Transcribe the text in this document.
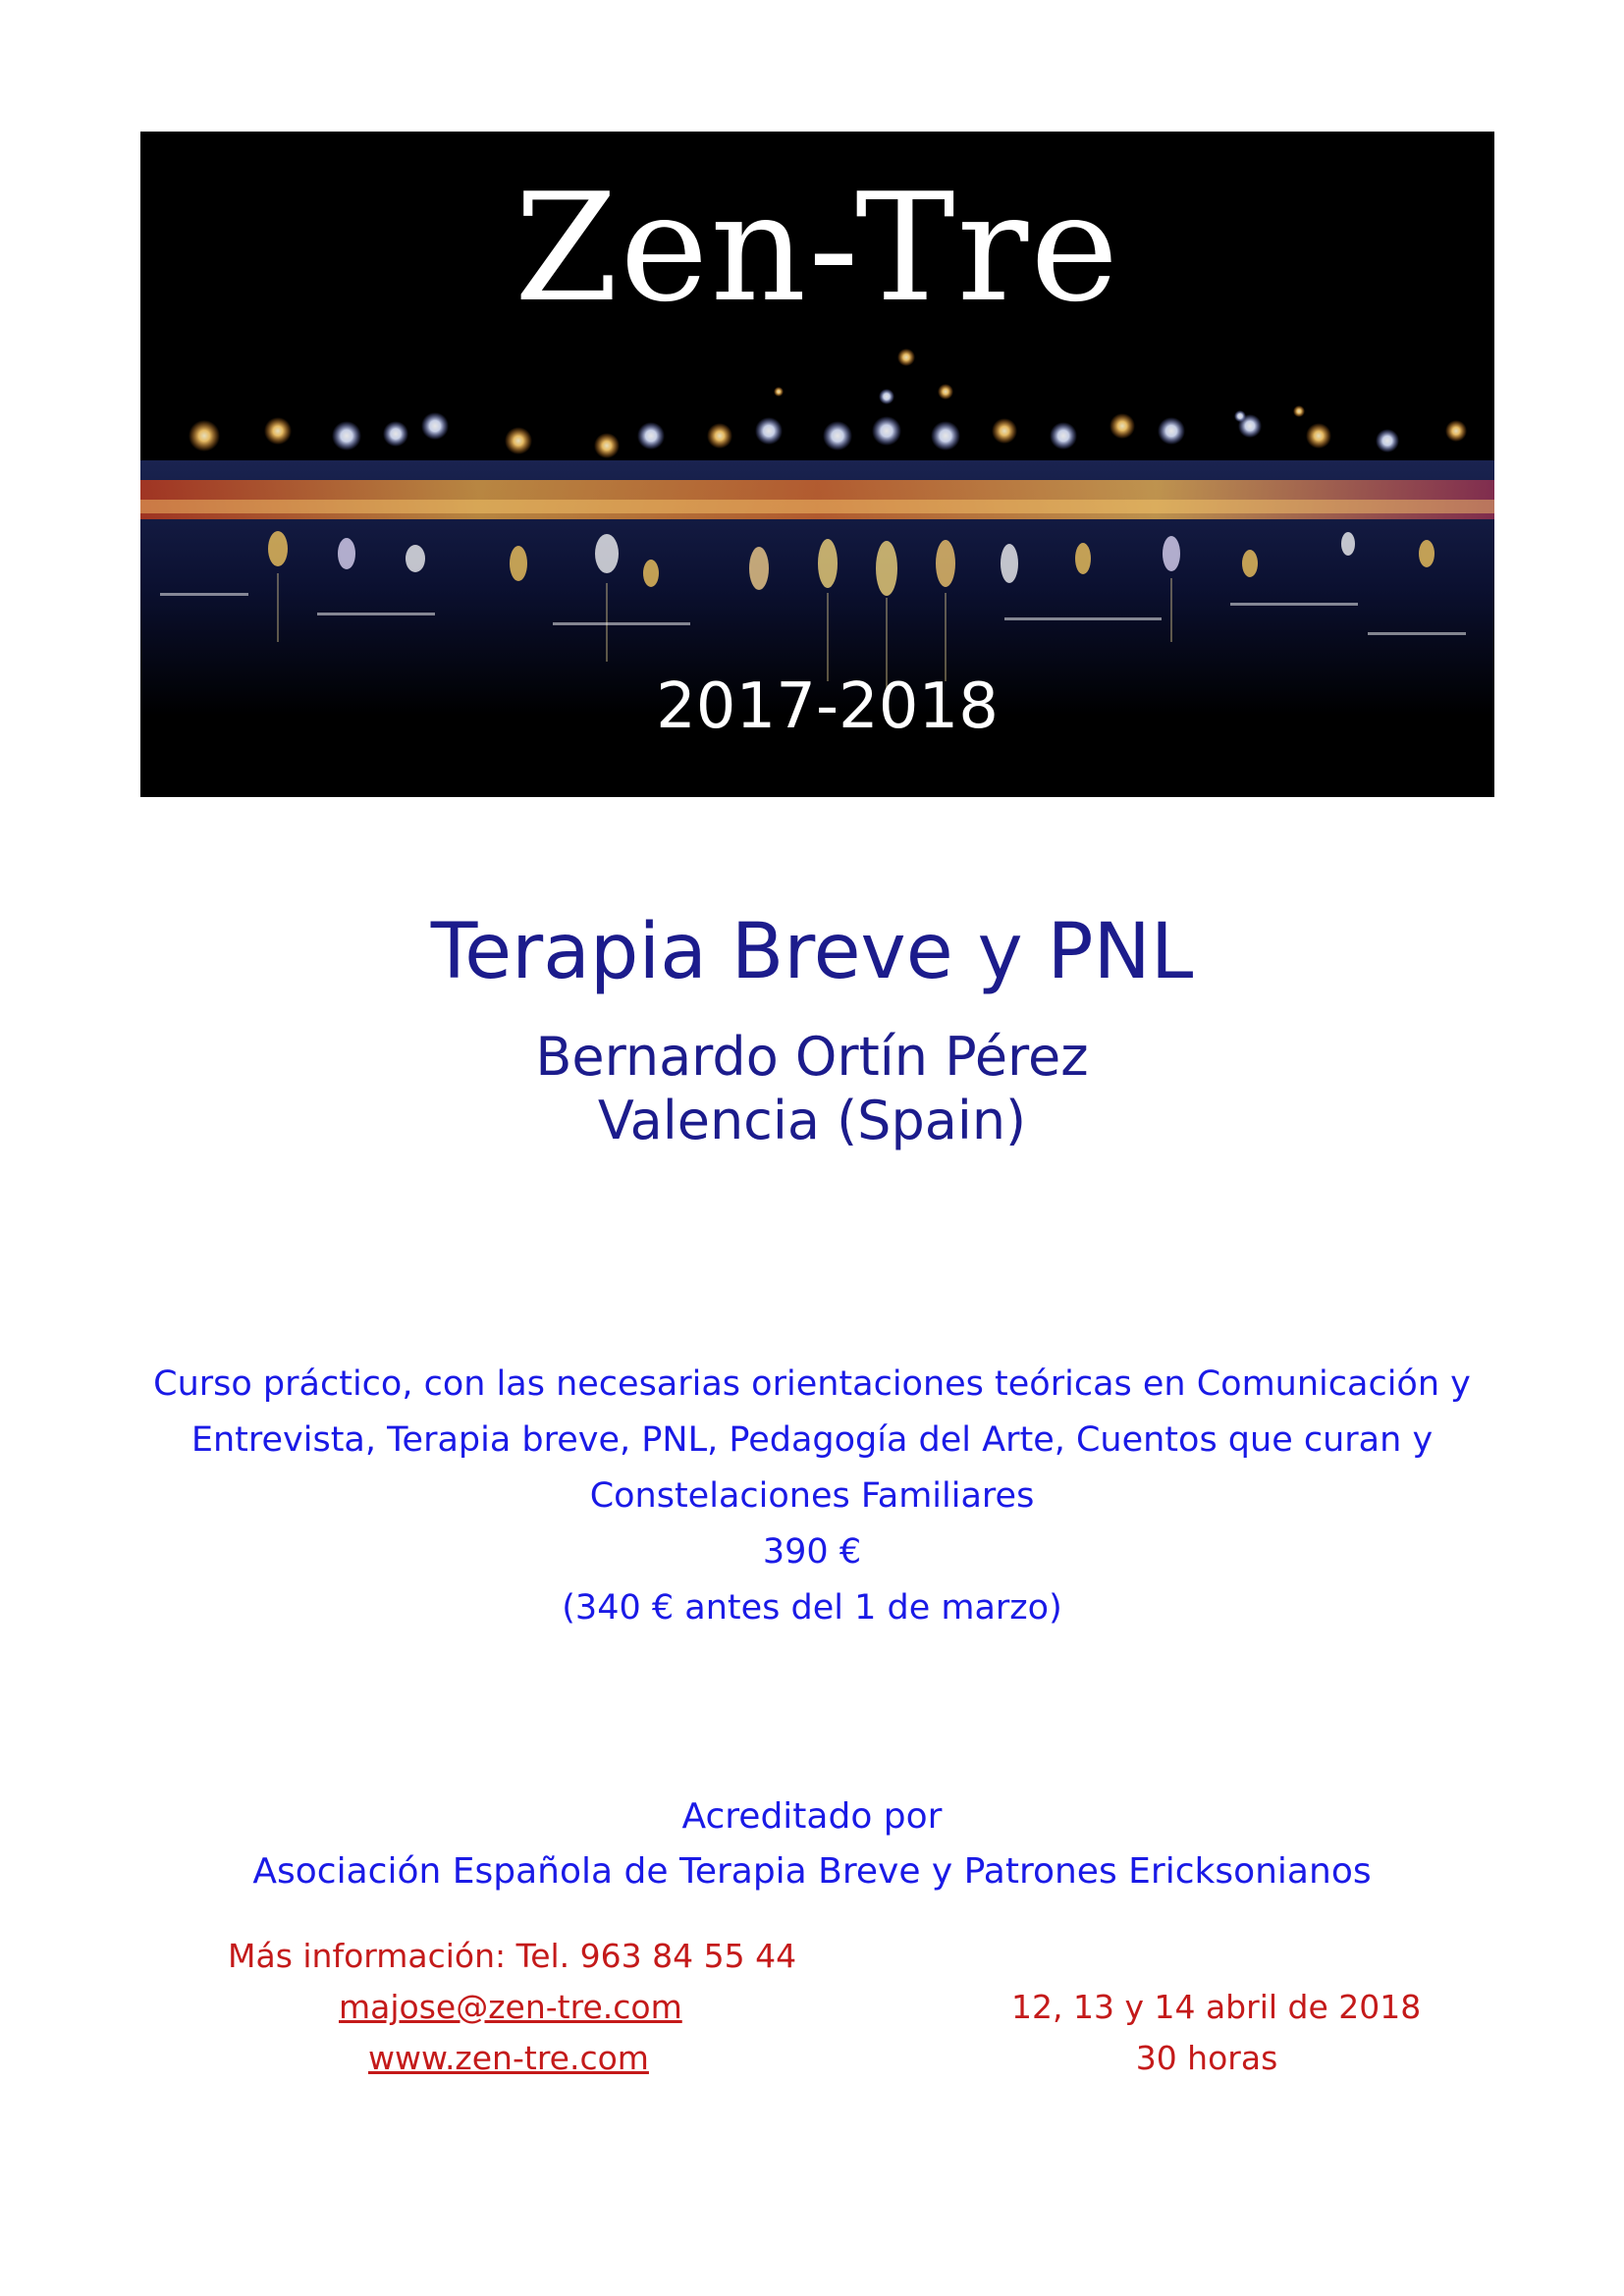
Zen-Tre
2017-2018
Terapia Breve y PNL
Bernardo Ortín Pérez
Valencia (Spain)
Curso práctico, con las necesarias orientaciones teóricas en Comunicación y
Entrevista, Terapia breve, PNL, Pedagogía del Arte, Cuentos que curan y
Constelaciones Familiares
390 €
(340 € antes del 1 de marzo)
Acreditado por
Asociación Española de Terapia Breve y Patrones Ericksonianos
Más información: Tel. 963 84 55 44
majose@zen-tre.com
www.zen-tre.com
12, 13 y 14 abril de 2018
30 horas
